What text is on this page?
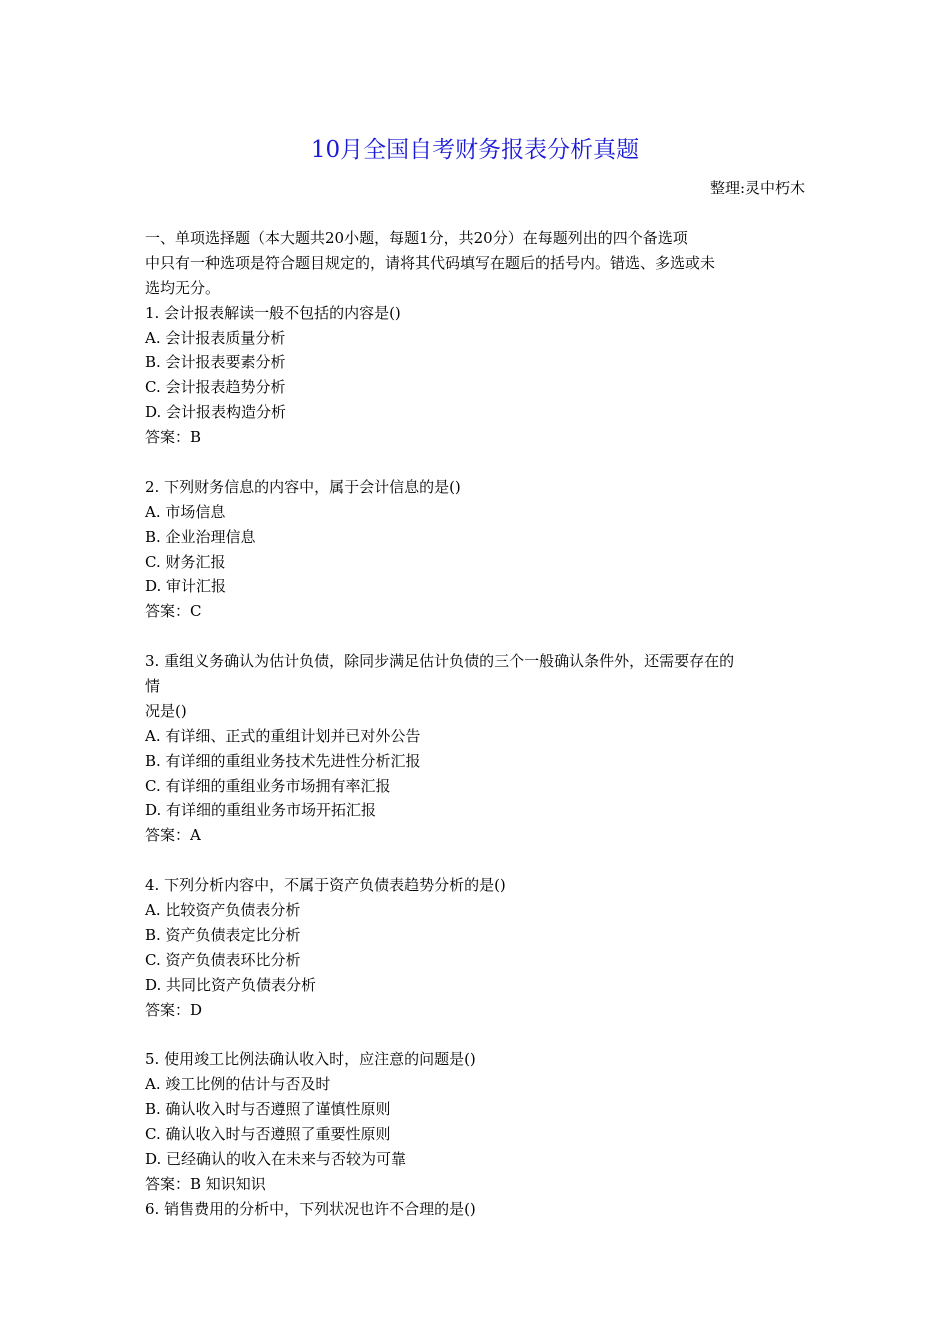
10月全国自考财务报表分析真题
整理:灵中朽木
一、单项选择题（本大题共20小题，每题1分，共20分）在每题列出的四个备选项
中只有一种选项是符合题目规定的，请将其代码填写在题后的括号内。错选、多选或未
选均无分。
1. 会计报表解读一般不包括的内容是()
A. 会计报表质量分析
B. 会计报表要素分析
C. 会计报表趋势分析
D. 会计报表构造分析
答案：B
2. 下列财务信息的内容中，属于会计信息的是()
A. 市场信息
B. 企业治理信息
C. 财务汇报
D. 审计汇报
答案：C
3. 重组义务确认为估计负债，除同步满足估计负债的三个一般确认条件外，还需要存在的
情
况是()
A. 有详细、正式的重组计划并已对外公告
B. 有详细的重组业务技术先进性分析汇报
C. 有详细的重组业务市场拥有率汇报
D. 有详细的重组业务市场开拓汇报
答案：A
4. 下列分析内容中，不属于资产负债表趋势分析的是()
A. 比较资产负债表分析
B. 资产负债表定比分析
C. 资产负债表环比分析
D. 共同比资产负债表分析
答案：D
5. 使用竣工比例法确认收入时，应注意的问题是()
A. 竣工比例的估计与否及时
B. 确认收入时与否遵照了谨慎性原则
C. 确认收入时与否遵照了重要性原则
D. 已经确认的收入在未来与否较为可靠
答案：B 知识知识
6. 销售费用的分析中，下列状况也许不合理的是()
